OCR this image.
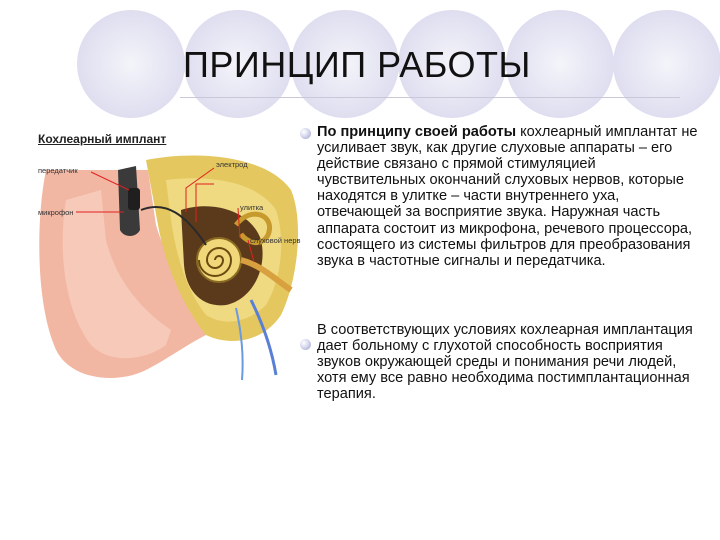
ПРИНЦИП РАБОТЫ
Кохлеарный имплант
передатчик
электрод
микрофон
улитка
слуховой нерв
По принципу своей работы кохлеарный имплантат не усиливает звук, как другие слуховые аппараты – его действие связано с прямой стимуляцией чувствительных окончаний слуховых нервов, которые находятся в улитке – части внутреннего уха, отвечающей за восприятие звука. Наружная часть аппарата состоит из микрофона, речевого процессора, состоящего из системы фильтров для преобразования звука в частотные сигналы и передатчика.
В соответствующих условиях кохлеарная имплантация дает больному с глухотой способность восприятия звуков окружающей среды и понимания речи людей, хотя ему все равно необходима постимплантационная терапия.
